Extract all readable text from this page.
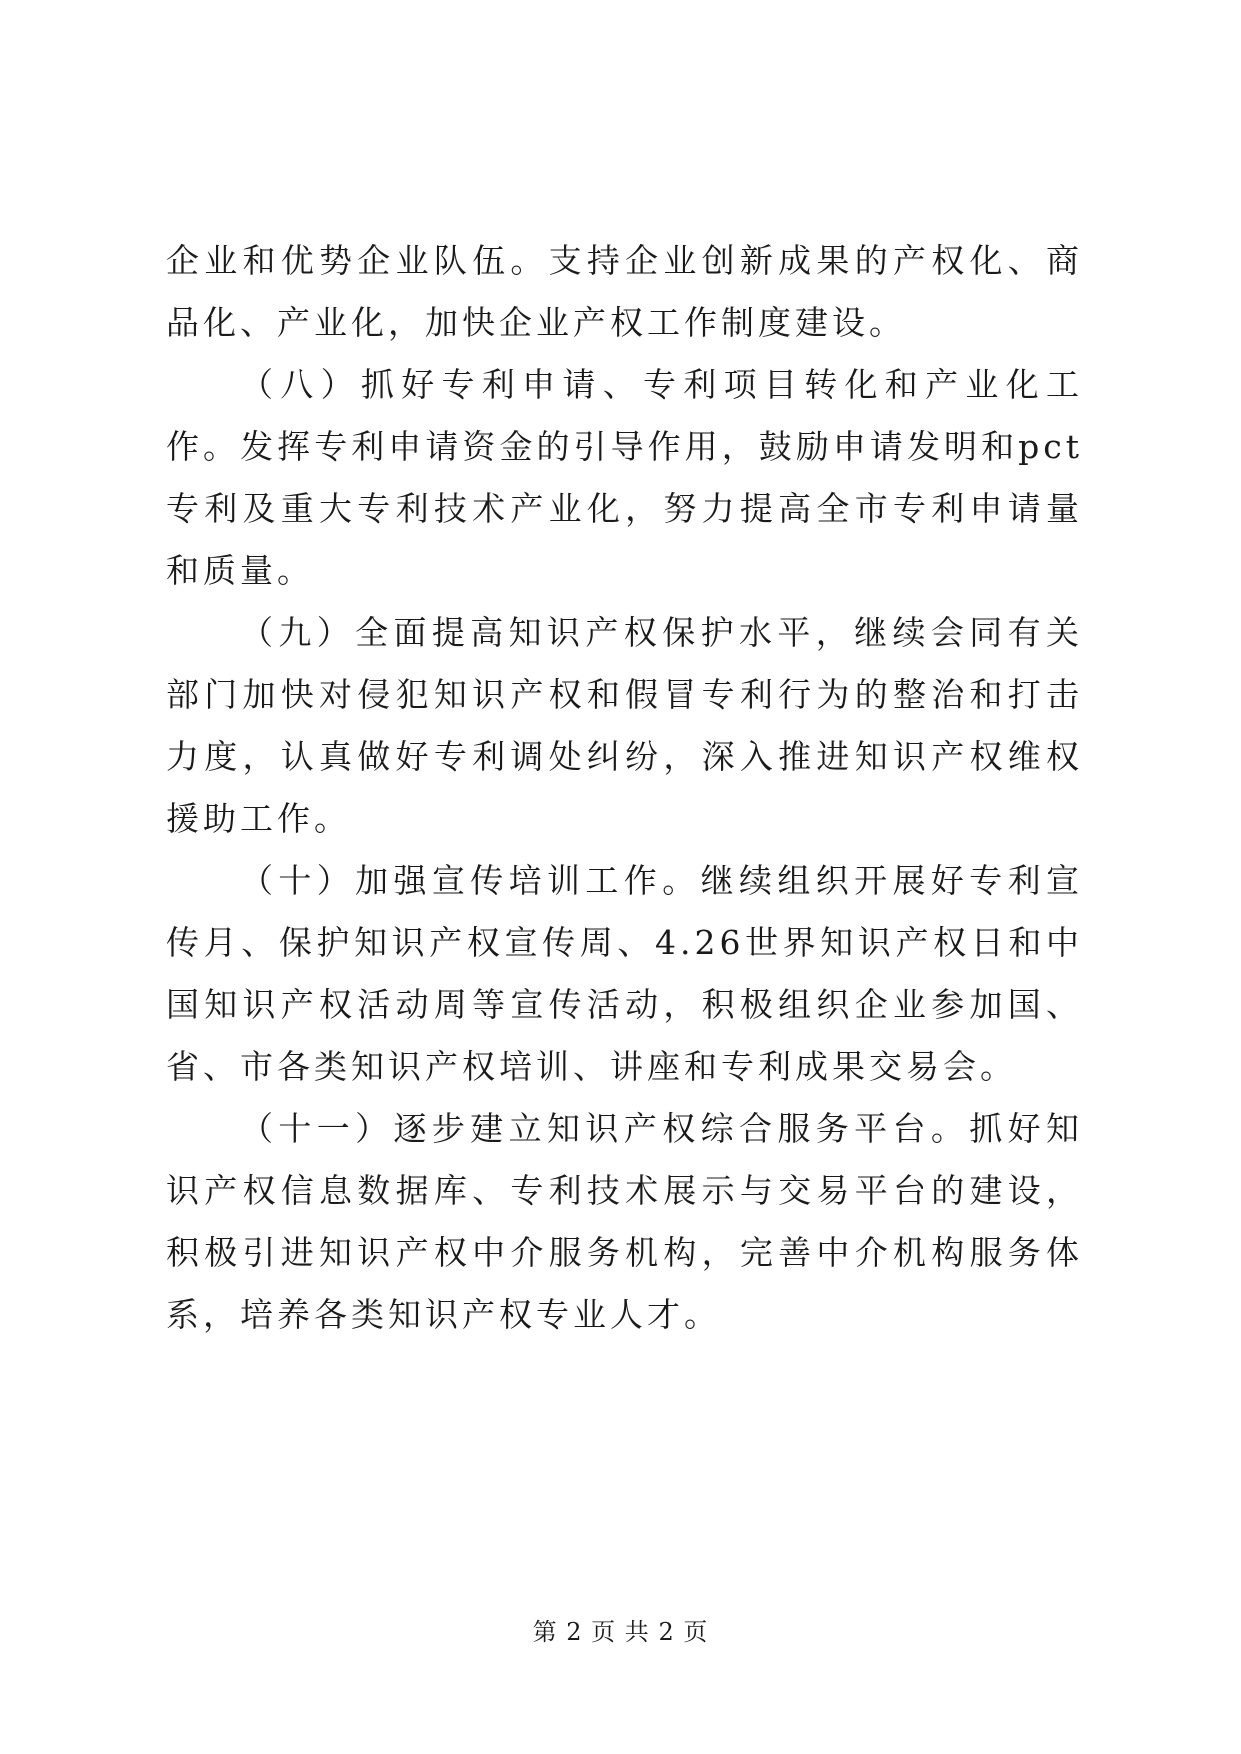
企业和优势企业队伍。支持企业创新成果的产权化、商品化、产业化，加快企业产权工作制度建设。

（八）抓好专利申请、专利项目转化和产业化工作。发挥专利申请资金的引导作用，鼓励申请发明和pct专利及重大专利技术产业化，努力提高全市专利申请量和质量。

（九）全面提高知识产权保护水平，继续会同有关部门加快对侵犯知识产权和假冒专利行为的整治和打击力度，认真做好专利调处纠纷，深入推进知识产权维权援助工作。

（十）加强宣传培训工作。继续组织开展好专利宣传月、保护知识产权宣传周、4.26世界知识产权日和中国知识产权活动周等宣传活动，积极组织企业参加国、省、市各类知识产权培训、讲座和专利成果交易会。

（十一）逐步建立知识产权综合服务平台。抓好知识产权信息数据库、专利技术展示与交易平台的建设，积极引进知识产权中介服务机构，完善中介机构服务体系，培养各类知识产权专业人才。

第 2 页 共 2 页
